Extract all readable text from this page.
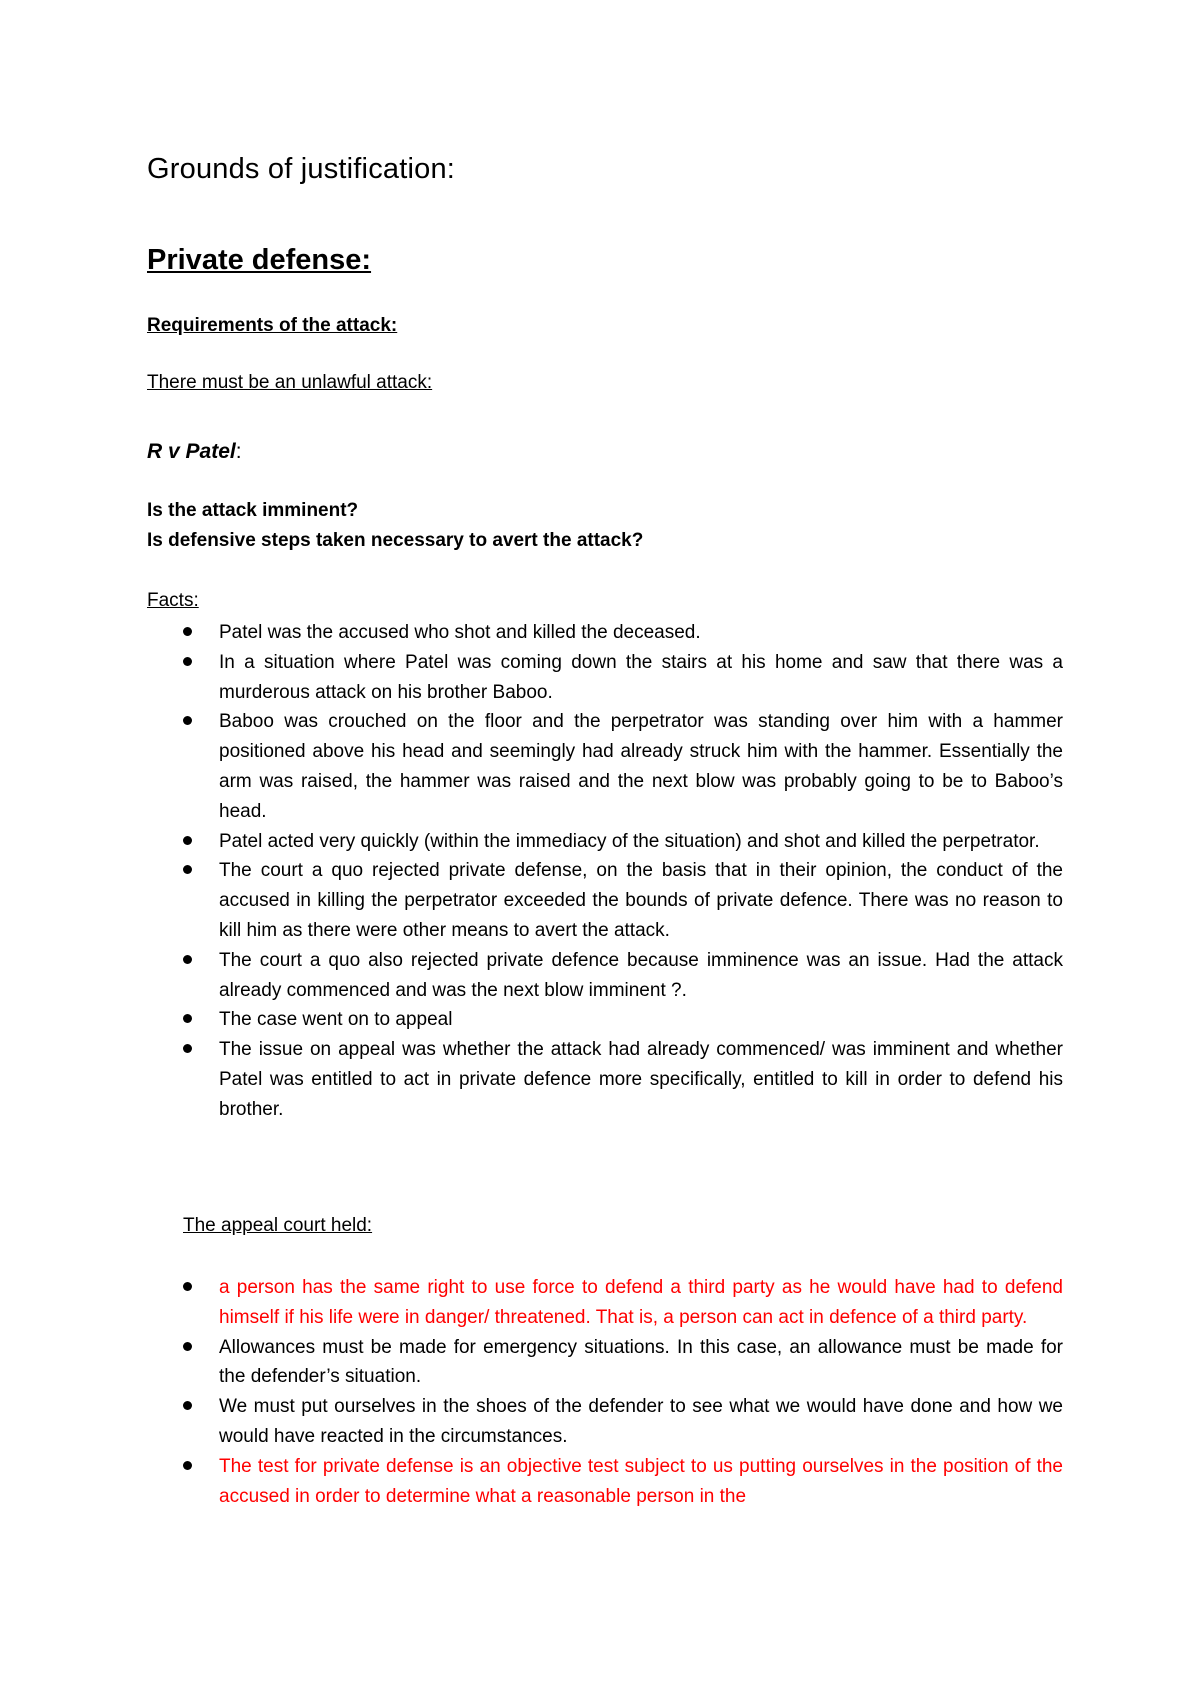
Grounds of justification:
Private defense:
Requirements of the attack:
There must be an unlawful attack:
R v Patel:
Is the attack imminent?
Is defensive steps taken necessary to avert the attack?
Facts:
Patel was the accused who shot and killed the deceased.
In a situation where Patel was coming down the stairs at his home and saw that there was a murderous attack on his brother Baboo.
Baboo was crouched on the floor and the perpetrator was standing over him with a hammer positioned above his head and seemingly had already struck him with the hammer. Essentially the arm was raised, the hammer was raised and the next blow was probably going to be to Baboo’s head.
Patel acted very quickly (within the immediacy of the situation) and shot and killed the perpetrator.
The court a quo rejected private defense, on the basis that in their opinion, the conduct of the accused in killing the perpetrator exceeded the bounds of private defence. There was no reason to kill him as there were other means to avert the attack.
The court a quo also rejected private defence because imminence was an issue. Had the attack already commenced and was the next blow imminent ?.
The case went on to appeal
The issue on appeal was whether the attack had already commenced/ was imminent and whether Patel was entitled to act in private defence more specifically, entitled to kill in order to defend his brother.
The appeal court held:
a person has the same right to use force to defend a third party as he would have had to defend himself if his life were in danger/ threatened. That is, a person can act in defence of a third party.
Allowances must be made for emergency situations. In this case, an allowance must be made for the defender’s situation.
We must put ourselves in the shoes of the defender to see what we would have done and how we would have reacted in the circumstances.
The test for private defense is an objective test subject to us putting ourselves in the position of the accused in order to determine what a reasonable person in the
